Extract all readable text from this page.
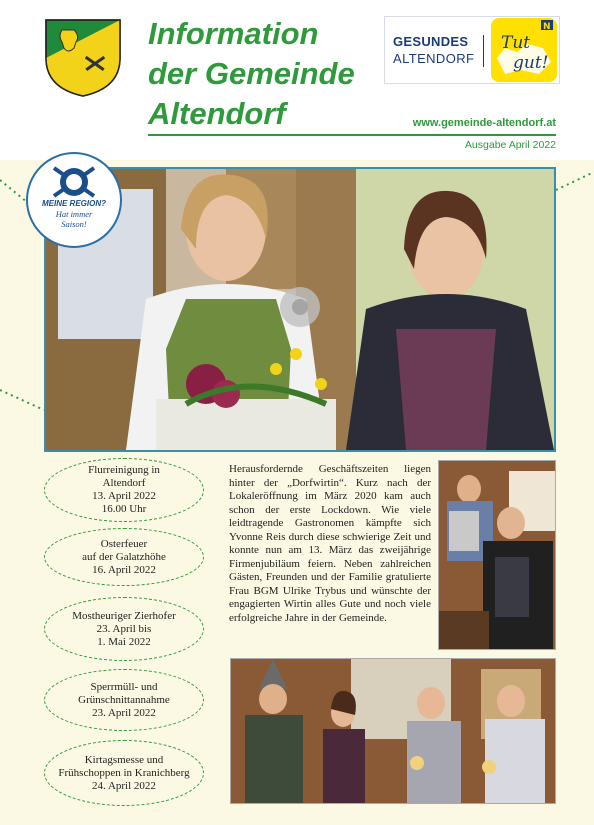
Information
der Gemeinde
Altendorf
GESUNDES
ALTENDORF
Tut
gut!
N
www.gemeinde-altendorf.at
Ausgabe April 2022
MEINE REGION?
Hat immer
Saison!
Flurreinigung in
Altendorf
13. April 2022
16.00 Uhr
Osterfeuer
auf der Galatzhöhe
16. April 2022
Mostheuriger Zierhofer
23. April bis
1. Mai 2022
Sperrmüll- und
Grünschnittannahme
23. April 2022
Kirtagsmesse und
Frühschoppen in Kranichberg
24. April 2022
Herausfordernde Geschäftszeiten liegen hinter der „Dorfwirtin“. Kurz nach der Lokaleröffnung im März 2020 kam auch schon der erste Lockdown. Wie viele leidtragende Gastronomen kämpfte sich Yvonne Reis durch diese schwierige Zeit und konnte nun am 13. März das zweijährige Firmenjubiläum feiern. Neben zahlreichen Gästen, Freunden und der Familie gratulierte Frau BGM Ulrike Trybus und wünschte der engagierten Wirtin alles Gute und noch viele erfolgreiche Jahre in der Gemeinde.
